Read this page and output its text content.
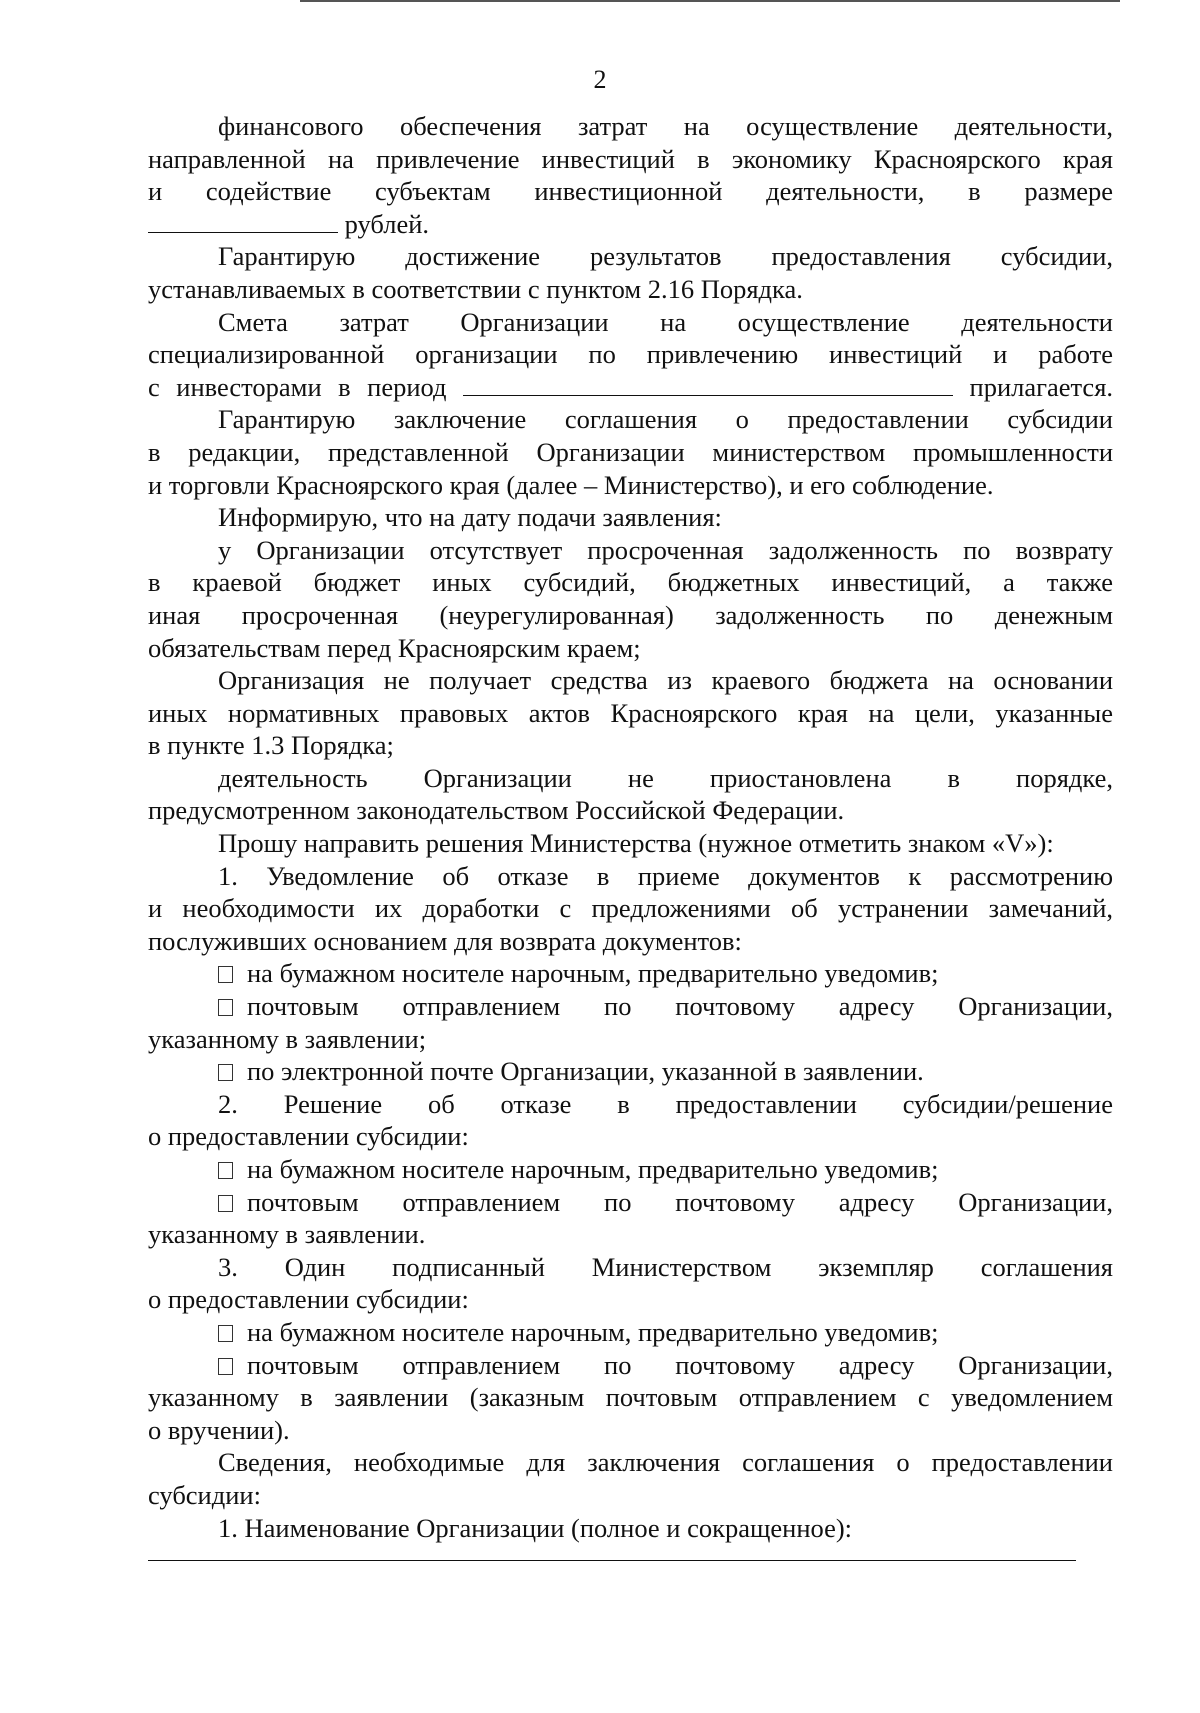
2
финансового обеспечения затрат на осуществление деятельности,
направленной на привлечение инвестиций в экономику Красноярского края
и содействие субъектам инвестиционной деятельности, в размере
рублей.
Гарантирую достижение результатов предоставления субсидии,
устанавливаемых в соответствии с пунктом 2.16 Порядка.
Смета затрат Организации на осуществление деятельности
специализированной организации по привлечению инвестиций и работе
с инвесторами в период	прилагается.
Гарантирую заключение соглашения о предоставлении субсидии
в редакции, представленной Организации министерством промышленности
и торговли Красноярского края (далее – Министерство), и его соблюдение.
Информирую, что на дату подачи заявления:
у Организации отсутствует просроченная задолженность по возврату
в краевой бюджет иных субсидий, бюджетных инвестиций, а также
иная просроченная (неурегулированная) задолженность по денежным
обязательствам перед Красноярским краем;
Организация не получает средства из краевого бюджета на основании
иных нормативных правовых актов Красноярского края на цели, указанные
в пункте 1.3 Порядка;
деятельность Организации не приостановлена в порядке,
предусмотренном законодательством Российской Федерации.
Прошу направить решения Министерства (нужное отметить знаком «V»):
1. Уведомление об отказе в приеме документов к рассмотрению
и необходимости их доработки с предложениями об устранении замечаний,
послуживших основанием для возврата документов:
на бумажном носителе нарочным, предварительно уведомив;
почтовым отправлением по почтовому адресу Организации,
указанному в заявлении;
по электронной почте Организации, указанной в заявлении.
2. Решение об отказе в предоставлении субсидии/решение
о предоставлении субсидии:
на бумажном носителе нарочным, предварительно уведомив;
почтовым отправлением по почтовому адресу Организации,
указанному в заявлении.
3. Один подписанный Министерством экземпляр соглашения
о предоставлении субсидии:
на бумажном носителе нарочным, предварительно уведомив;
почтовым отправлением по почтовому адресу Организации,
указанному в заявлении (заказным почтовым отправлением с уведомлением
о вручении).
Сведения, необходимые для заключения соглашения о предоставлении
субсидии:
1. Наименование Организации (полное и сокращенное):
